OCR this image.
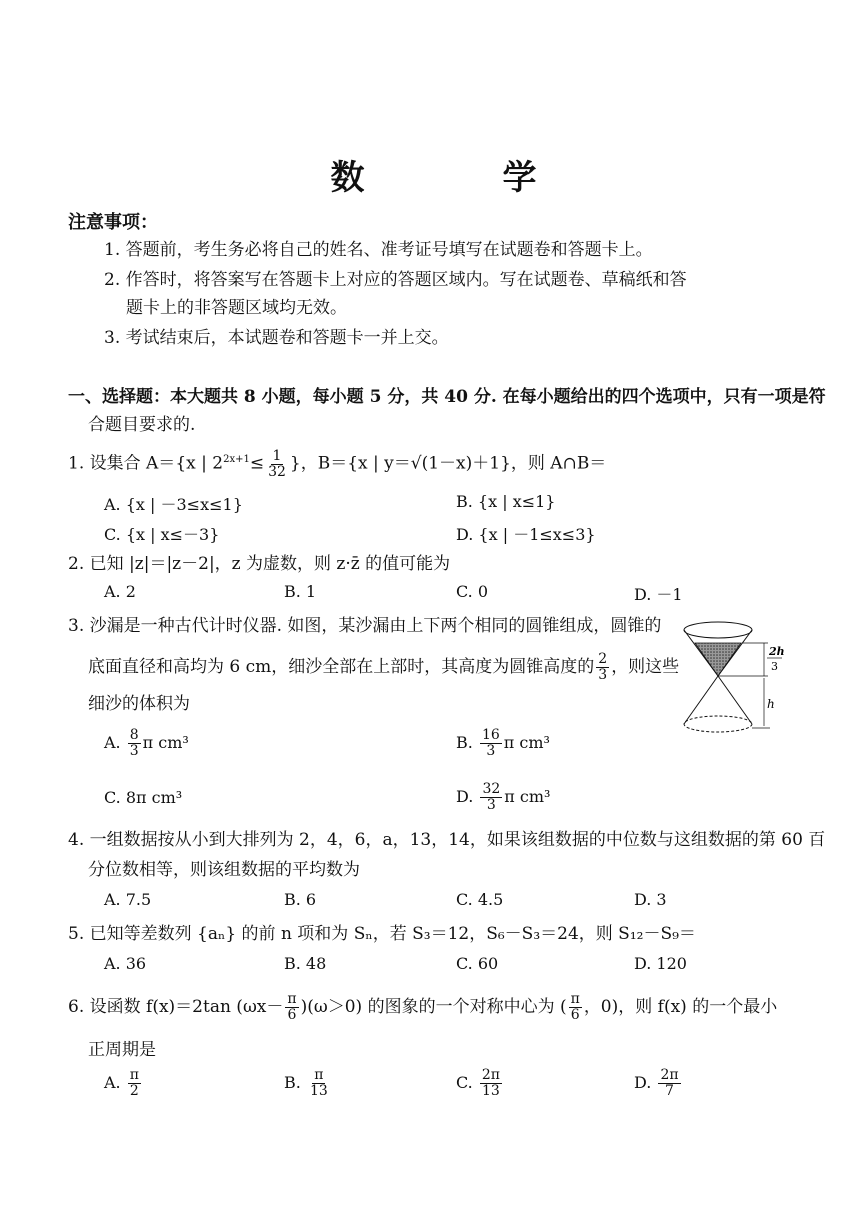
数　学
注意事项：
1. 答题前，考生务必将自己的姓名、准考证号填写在试题卷和答题卡上。
2. 作答时，将答案写在答题卡上对应的答题区域内。写在试题卷、草稿纸和答
题卡上的非答题区域均无效。
3. 考试结束后，本试题卷和答题卡一并上交。
一、选择题：本大题共 8 小题，每小题 5 分，共 40 分. 在每小题给出的四个选项中，只有一项是符
合题目要求的.
1. 设集合 A＝{x | $2^{2x+1}\le \frac{1}{32}$ }，B＝{x | y＝√(1－x)＋1}，则 A∩B＝
A. {x | －3≤x≤1}	B. {x | x≤1}
C. {x | x≤－3}	D. {x | －1≤x≤3}
2. 已知 |z|＝|z－2|，z 为虚数，则 z·z̄ 的值可能为
A. 2	B. 1	C. 0	D. －1
3. 沙漏是一种古代计时仪器. 如图，某沙漏由上下两个相同的圆锥组成，圆锥的
底面直径和高均为 6 cm，细沙全部在上部时，其高度为圆锥高度的 $\frac{2}{3}$ ，则这些
细沙的体积为
A. $\frac{8}{3}$ π cm³	B. $\frac{16}{3}$ π cm³
C. 8π cm³	D. $\frac{32}{3}$ π cm³
2h
3
h
4. 一组数据按从小到大排列为 2，4，6，a，13，14，如果该组数据的中位数与这组数据的第 60 百
分位数相等，则该组数据的平均数为
A. 7.5	B. 6	C. 4.5	D. 3
5. 已知等差数列 {aₙ} 的前 n 项和为 Sₙ，若 S₃＝12，S₆－S₃＝24，则 S₁₂－S₉＝
A. 36	B. 48	C. 60	D. 120
6. 设函数 f(x)＝2tan $(\omega x- \frac{\pi}{6} )(\omega>0)$ 的图象的一个对称中心为 ( $\frac{\pi}{6}$ ，0)，则 f(x) 的一个最小
正周期是
A. $\frac{\pi}{2}$	B. $\frac{\pi}{13}$	C. $\frac{2\pi}{13}$	D. $\frac{2\pi}{7}$
